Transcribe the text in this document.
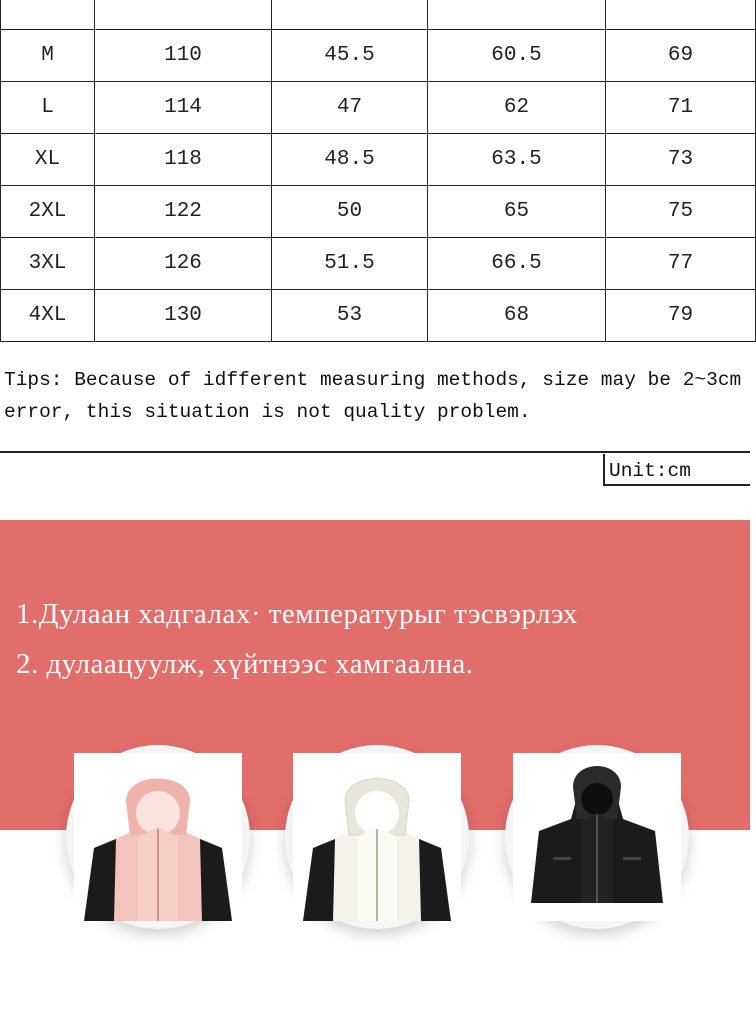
M	110	45.5	60.5	69
L	114	47	62	71
XL	118	48.5	63.5	73
2XL	122	50	65	75
3XL	126	51.5	66.5	77
4XL	130	53	68	79

Tips: Because of idfferent measuring methods, size may be 2~3cm error, this situation is not quality problem.

Unit:cm
1.Дулаан хадгалах· температурыг тэсвэрлэх
2. дулаацуулж, хүйтнээс хамгаална.
